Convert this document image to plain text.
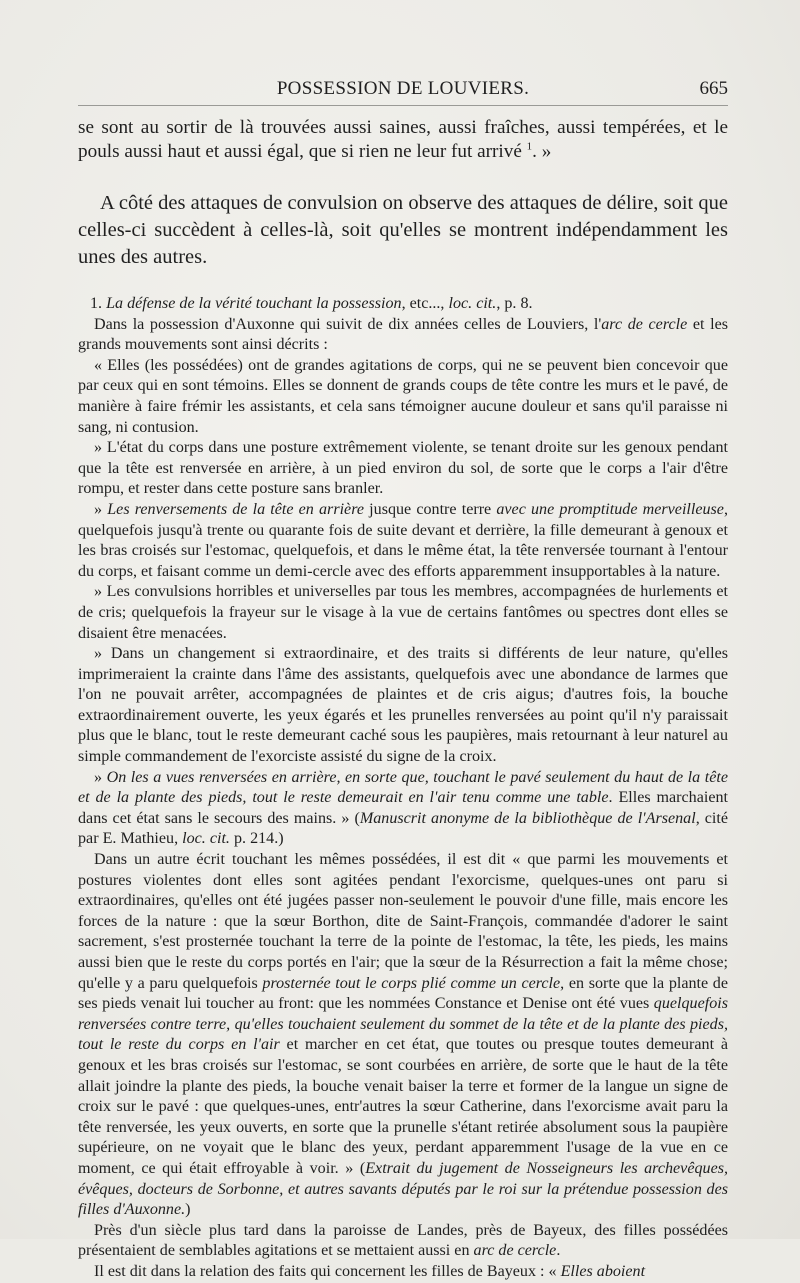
POSSESSION DE LOUVIERS.	665

se sont au sortir de là trouvées aussi saines, aussi fraîches, aussi tempérées, et le pouls aussi haut et aussi égal, que si rien ne leur fut arrivé $^1$. »

A côté des attaques de convulsion on observe des attaques de délire, soit que celles-ci succèdent à celles-là, soit qu'elles se montrent indépendamment les unes des autres.

1. La défense de la vérité touchant la possession, etc..., loc. cit., p. 8.

Dans la possession d'Auxonne qui suivit de dix années celles de Louviers, l'arc de cercle et les grands mouvements sont ainsi décrits :

« Elles (les possédées) ont de grandes agitations de corps, qui ne se peuvent bien concevoir que par ceux qui en sont témoins. Elles se donnent de grands coups de tête contre les murs et le pavé, de manière à faire frémir les assistants, et cela sans témoigner aucune douleur et sans qu'il paraisse ni sang, ni contusion.

» L'état du corps dans une posture extrêmement violente, se tenant droite sur les genoux pendant que la tête est renversée en arrière, à un pied environ du sol, de sorte que le corps a l'air d'être rompu, et rester dans cette posture sans branler.

» Les renversements de la tête en arrière jusque contre terre avec une promptitude merveilleuse, quelquefois jusqu'à trente ou quarante fois de suite devant et derrière, la fille demeurant à genoux et les bras croisés sur l'estomac, quelquefois, et dans le même état, la tête renversée tournant à l'entour du corps, et faisant comme un demi-cercle avec des efforts apparemment insupportables à la nature.

» Les convulsions horribles et universelles par tous les membres, accompagnées de hurlements et de cris; quelquefois la frayeur sur le visage à la vue de certains fantômes ou spectres dont elles se disaient être menacées.

» Dans un changement si extraordinaire, et des traits si différents de leur nature, qu'elles imprimeraient la crainte dans l'âme des assistants, quelquefois avec une abondance de larmes que l'on ne pouvait arrêter, accompagnées de plaintes et de cris aigus; d'autres fois, la bouche extraordinairement ouverte, les yeux égarés et les prunelles renversées au point qu'il n'y paraissait plus que le blanc, tout le reste demeurant caché sous les paupières, mais retournant à leur naturel au simple commandement de l'exorciste assisté du signe de la croix.

» On les a vues renversées en arrière, en sorte que, touchant le pavé seulement du haut de la tête et de la plante des pieds, tout le reste demeurait en l'air tenu comme une table. Elles marchaient dans cet état sans le secours des mains. » (Manuscrit anonyme de la bibliothèque de l'Arsenal, cité par E. Mathieu, loc. cit. p. 214.)

Dans un autre écrit touchant les mêmes possédées, il est dit « que parmi les mouvements et postures violentes dont elles sont agitées pendant l'exorcisme, quelques-unes ont paru si extraordinaires, qu'elles ont été jugées passer non-seulement le pouvoir d'une fille, mais encore les forces de la nature : que la sœur Borthon, dite de Saint-François, commandée d'adorer le saint sacrement, s'est prosternée touchant la terre de la pointe de l'estomac, la tête, les pieds, les mains aussi bien que le reste du corps portés en l'air; que la sœur de la Résurrection a fait la même chose; qu'elle y a paru quelquefois prosternée tout le corps plié comme un cercle, en sorte que la plante de ses pieds venait lui toucher au front: que les nommées Constance et Denise ont été vues quelquefois renversées contre terre, qu'elles touchaient seulement du sommet de la tête et de la plante des pieds, tout le reste du corps en l'air et marcher en cet état, que toutes ou presque toutes demeurant à genoux et les bras croisés sur l'estomac, se sont courbées en arrière, de sorte que le haut de la tête allait joindre la plante des pieds, la bouche venait baiser la terre et former de la langue un signe de croix sur le pavé : que quelques-unes, entr'autres la sœur Catherine, dans l'exorcisme avait paru la tête renversée, les yeux ouverts, en sorte que la prunelle s'étant retirée absolument sous la paupière supérieure, on ne voyait que le blanc des yeux, perdant apparemment l'usage de la vue en ce moment, ce qui était effroyable à voir. » (Extrait du jugement de Nosseigneurs les archevêques, évêques, docteurs de Sorbonne, et autres savants députés par le roi sur la prétendue possession des filles d'Auxonne.)

Près d'un siècle plus tard dans la paroisse de Landes, près de Bayeux, des filles possédées présentaient de semblables agitations et se mettaient aussi en arc de cercle.

Il est dit dans la relation des faits qui concernent les filles de Bayeux : « Elles aboient
